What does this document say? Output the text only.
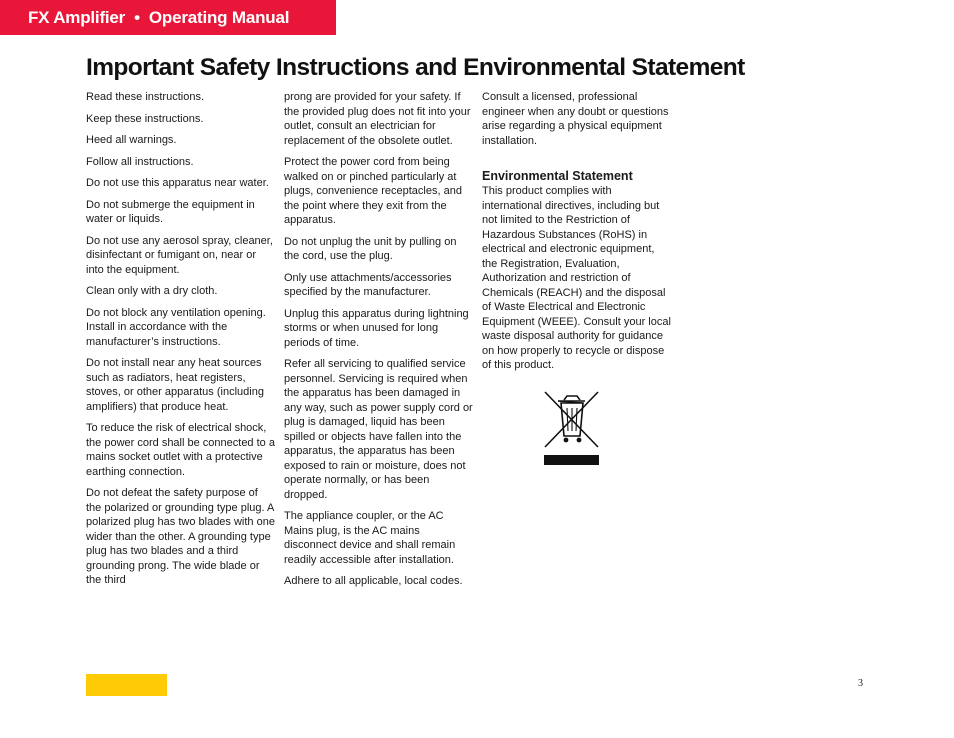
FX Amplifier • Operating Manual
Important Safety Instructions and Environmental Statement

Read these instructions.

Keep these instructions.

Heed all warnings.

Follow all instructions.

Do not use this apparatus near water.

Do not submerge the equipment in water or liquids.

Do not use any aerosol spray, cleaner, disinfectant or fumigant on, near or into the equipment.

Clean only with a dry cloth.

Do not block any ventilation opening. Install in accordance with the manufacturer’s instructions.

Do not install near any heat sources such as radiators, heat registers, stoves, or other apparatus (including amplifiers) that produce heat.

To reduce the risk of electrical shock, the power cord shall be connected to a mains socket outlet with a protective earthing connection.

Do not defeat the safety purpose of the polarized or grounding type plug. A polarized plug has two blades with one wider than the other. A grounding type plug has two blades and a third grounding prong. The wide blade or the third

prong are provided for your safety. If the provided plug does not fit into your outlet, consult an electrician for replacement of the obsolete outlet.

Protect the power cord from being walked on or pinched particularly at plugs, convenience receptacles, and the point where they exit from the apparatus.

Do not unplug the unit by pulling on the cord, use the plug.

Only use attachments/accessories specified by the manufacturer.

Unplug this apparatus during lightning storms or when unused for long periods of time.

Refer all servicing to qualified service personnel. Servicing is required when the apparatus has been damaged in any way, such as power supply cord or plug is damaged, liquid has been spilled or objects have fallen into the apparatus, the apparatus has been exposed to rain or moisture, does not operate normally, or has been dropped.

The appliance coupler, or the AC Mains plug, is the AC mains disconnect device and shall remain readily accessible after installation.

Adhere to all applicable, local codes.

Consult a licensed, professional engineer when any doubt or questions arise regarding a physical equipment installation.

Environmental Statement

This product complies with international directives, including but not limited to the Restriction of Hazardous Substances (RoHS) in electrical and electronic equipment, the Registration, Evaluation, Authorization and restriction of Chemicals (REACH) and the disposal of Waste Electrical and Electronic Equipment (WEEE). Consult your local waste disposal authority for guidance on how properly to recycle or dispose of this product.

3
